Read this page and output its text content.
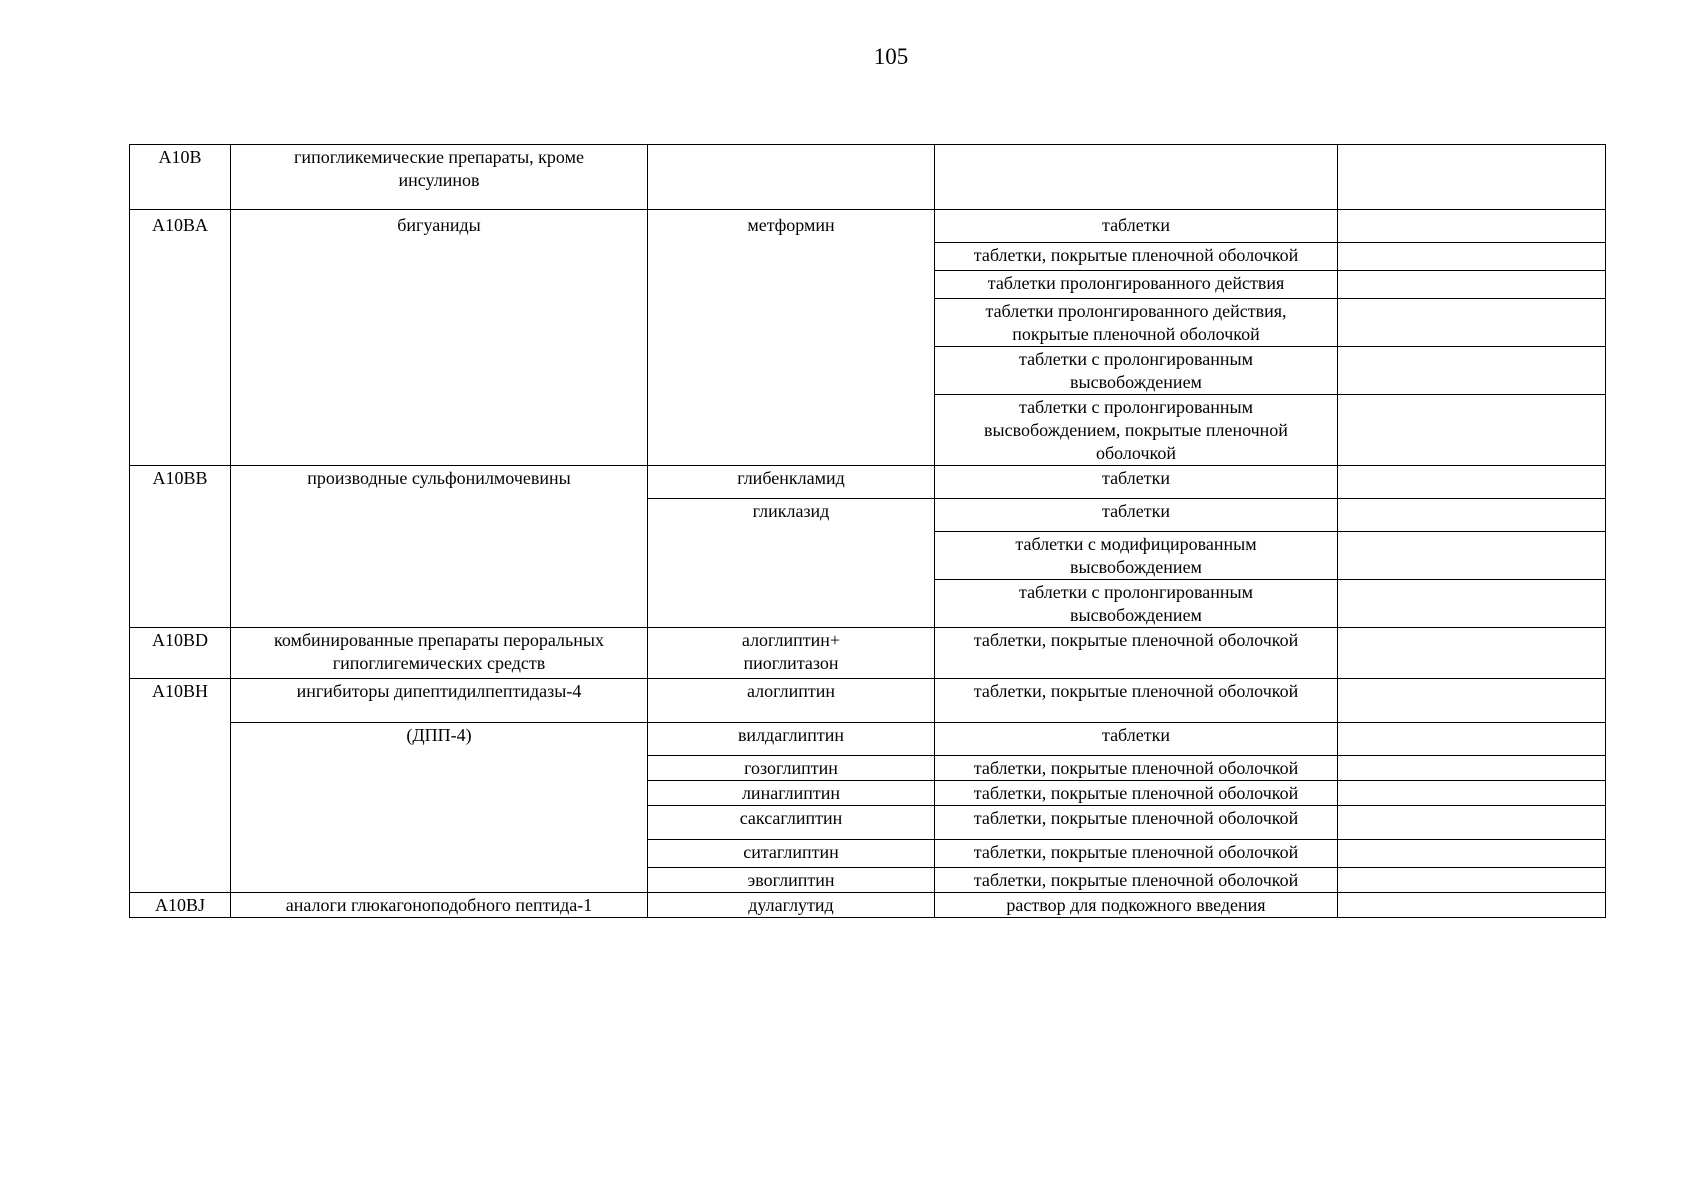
105
A10B	гипогликемические препараты, кроме инсулинов			
A10BA	бигуаниды	метформин	таблетки	
			таблетки, покрытые пленочной оболочкой	
			таблетки пролонгированного действия	
			таблетки пролонгированного действия, покрытые пленочной оболочкой	
			таблетки с пролонгированным высвобождением	
			таблетки с пролонгированным высвобождением, покрытые пленочной оболочкой	
A10BB	производные сульфонилмочевины	глибенкламид	таблетки	
		гликлазид	таблетки	
			таблетки с модифицированным высвобождением	
			таблетки с пролонгированным высвобождением	
A10BD	комбинированные препараты пероральных гипоглигемических средств	алоглиптин+ пиоглитазон	таблетки, покрытые пленочной оболочкой	
A10BH	ингибиторы дипептидилпептидазы-4	алоглиптин	таблетки, покрытые пленочной оболочкой	
	(ДПП-4)	вилдаглиптин	таблетки	
		гозоглиптин	таблетки, покрытые пленочной оболочкой	
		линаглиптин	таблетки, покрытые пленочной оболочкой	
		саксаглиптин	таблетки, покрытые пленочной оболочкой	
		ситаглиптин	таблетки, покрытые пленочной оболочкой	
		эвоглиптин	таблетки, покрытые пленочной оболочкой	
A10BJ	аналоги глюкагоноподобного пептида-1	дулаглутид	раствор для подкожного введения	
